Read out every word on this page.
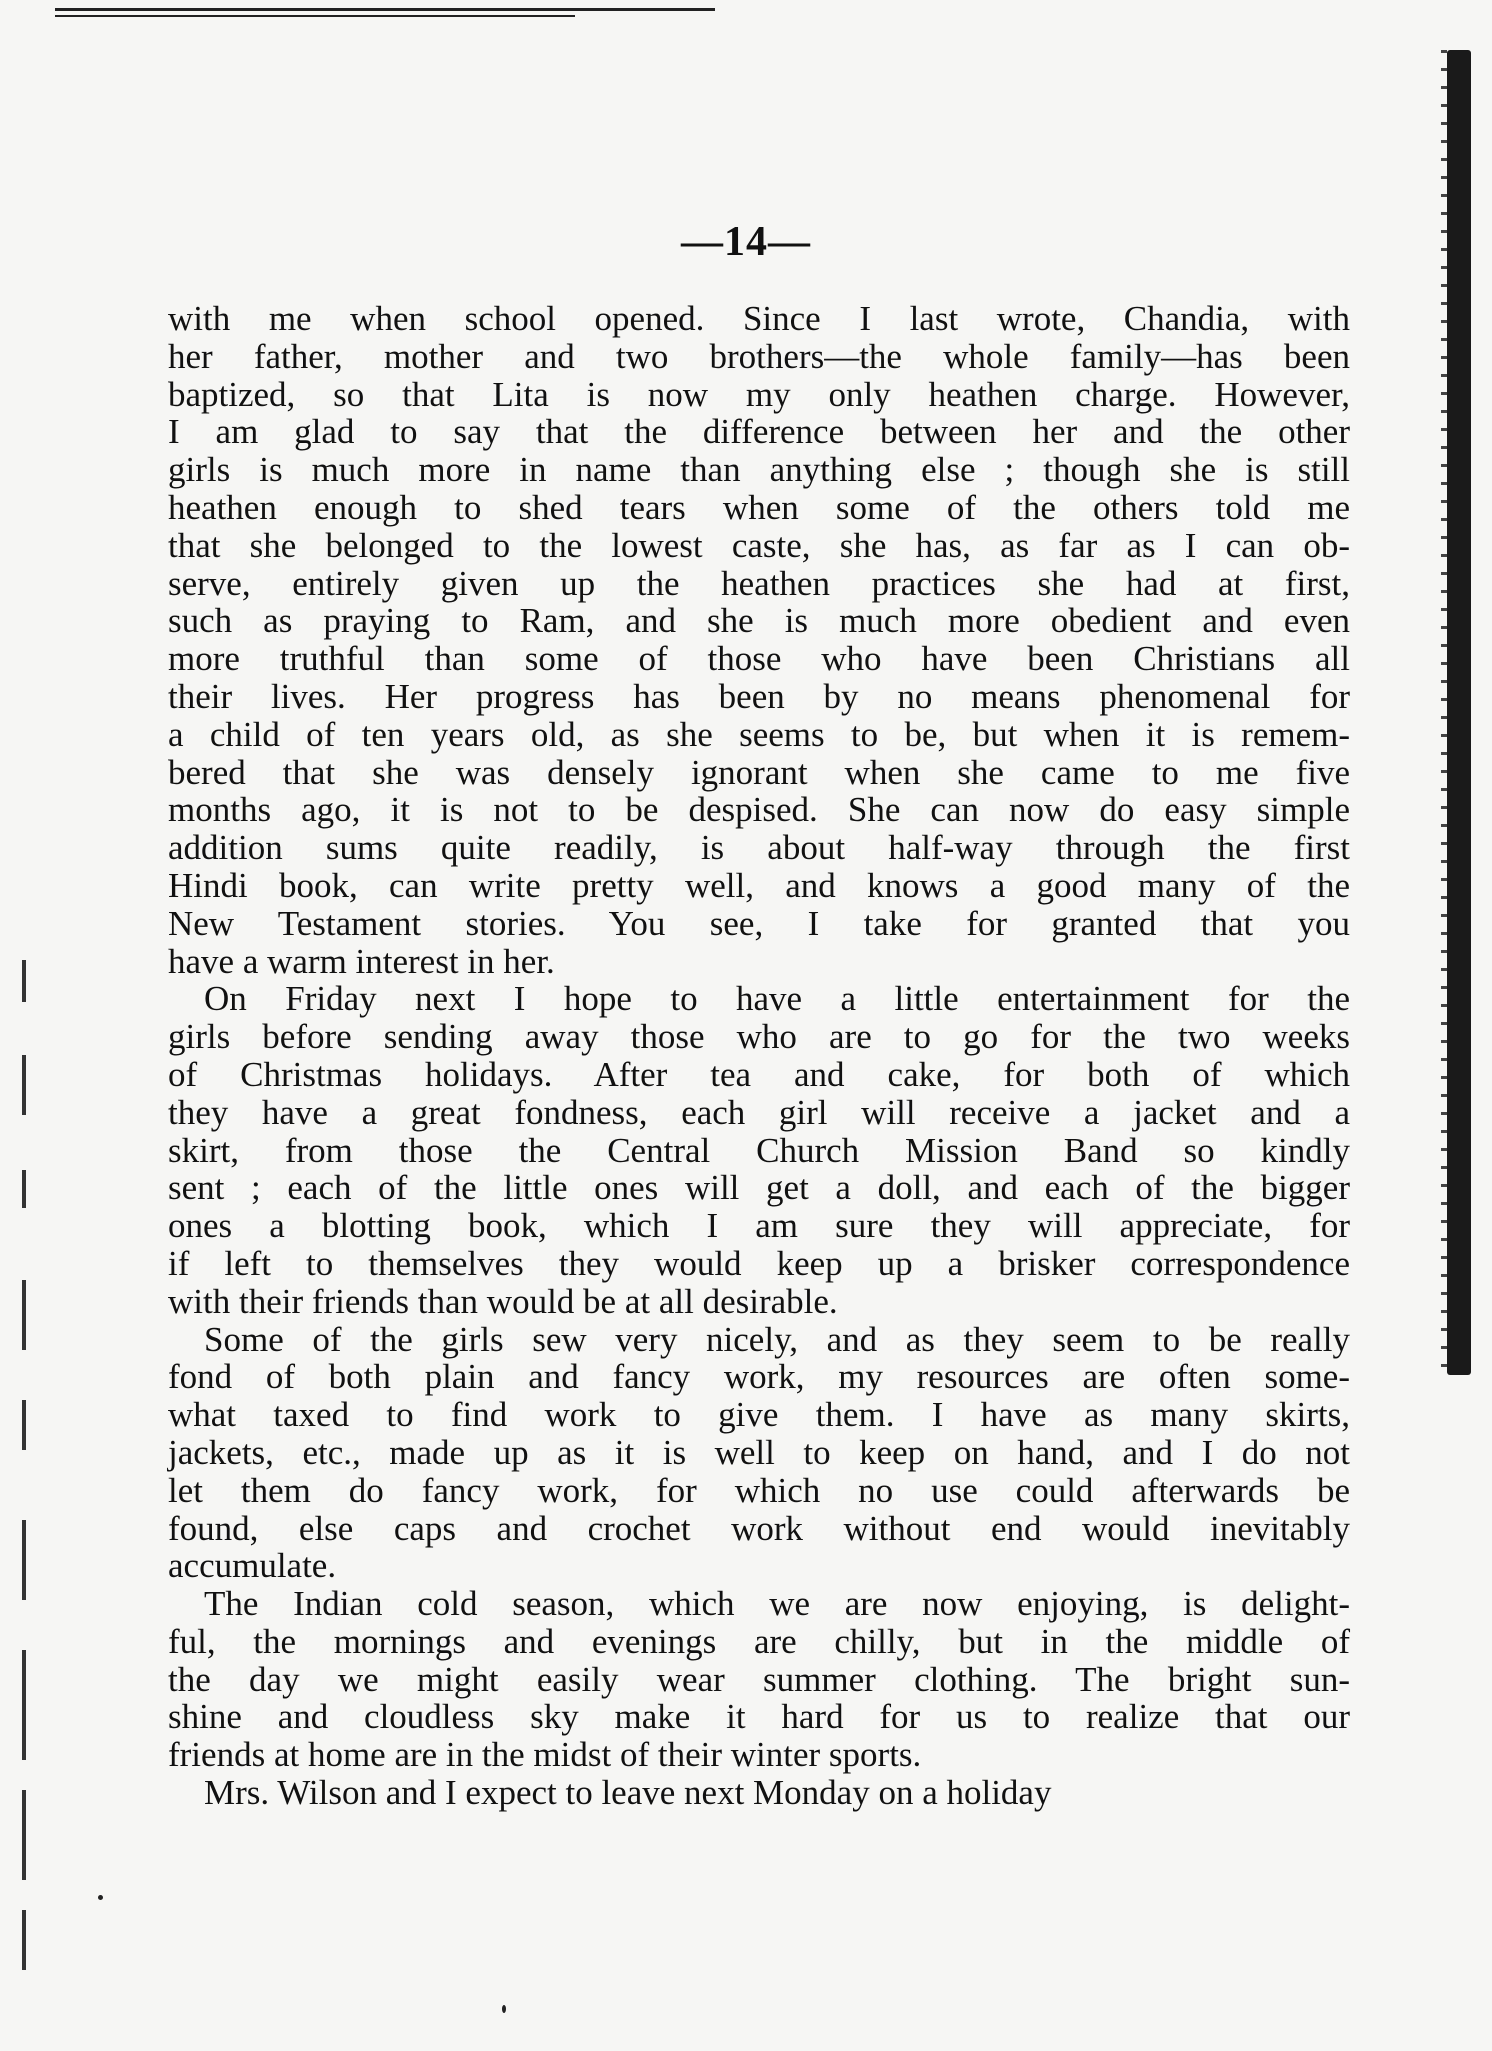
—14—

with me when school opened. Since I last wrote, Chandia, with
her father, mother and two brothers—the whole family—has been
baptized, so that Lita is now my only heathen charge. However,
I am glad to say that the difference between her and the other
girls is much more in name than anything else ; though she is still
heathen enough to shed tears when some of the others told me
that she belonged to the lowest caste, she has, as far as I can ob-
serve, entirely given up the heathen practices she had at first,
such as praying to Ram, and she is much more obedient and even
more truthful than some of those who have been Christians all
their lives. Her progress has been by no means phenomenal for
a child of ten years old, as she seems to be, but when it is remem-
bered that she was densely ignorant when she came to me five
months ago, it is not to be despised. She can now do easy simple
addition sums quite readily, is about half-way through the first
Hindi book, can write pretty well, and knows a good many of the
New Testament stories. You see, I take for granted that you
have a warm interest in her.

On Friday next I hope to have a little entertainment for the
girls before sending away those who are to go for the two weeks
of Christmas holidays. After tea and cake, for both of which
they have a great fondness, each girl will receive a jacket and a
skirt, from those the Central Church Mission Band so kindly
sent ; each of the little ones will get a doll, and each of the bigger
ones a blotting book, which I am sure they will appreciate, for
if left to themselves they would keep up a brisker correspondence
with their friends than would be at all desirable.

Some of the girls sew very nicely, and as they seem to be really
fond of both plain and fancy work, my resources are often some-
what taxed to find work to give them. I have as many skirts,
jackets, etc., made up as it is well to keep on hand, and I do not
let them do fancy work, for which no use could afterwards be
found, else caps and crochet work without end would inevitably
accumulate.

The Indian cold season, which we are now enjoying, is delight-
ful, the mornings and evenings are chilly, but in the middle of
the day we might easily wear summer clothing. The bright sun-
shine and cloudless sky make it hard for us to realize that our
friends at home are in the midst of their winter sports.

Mrs. Wilson and I expect to leave next Monday on a holiday
